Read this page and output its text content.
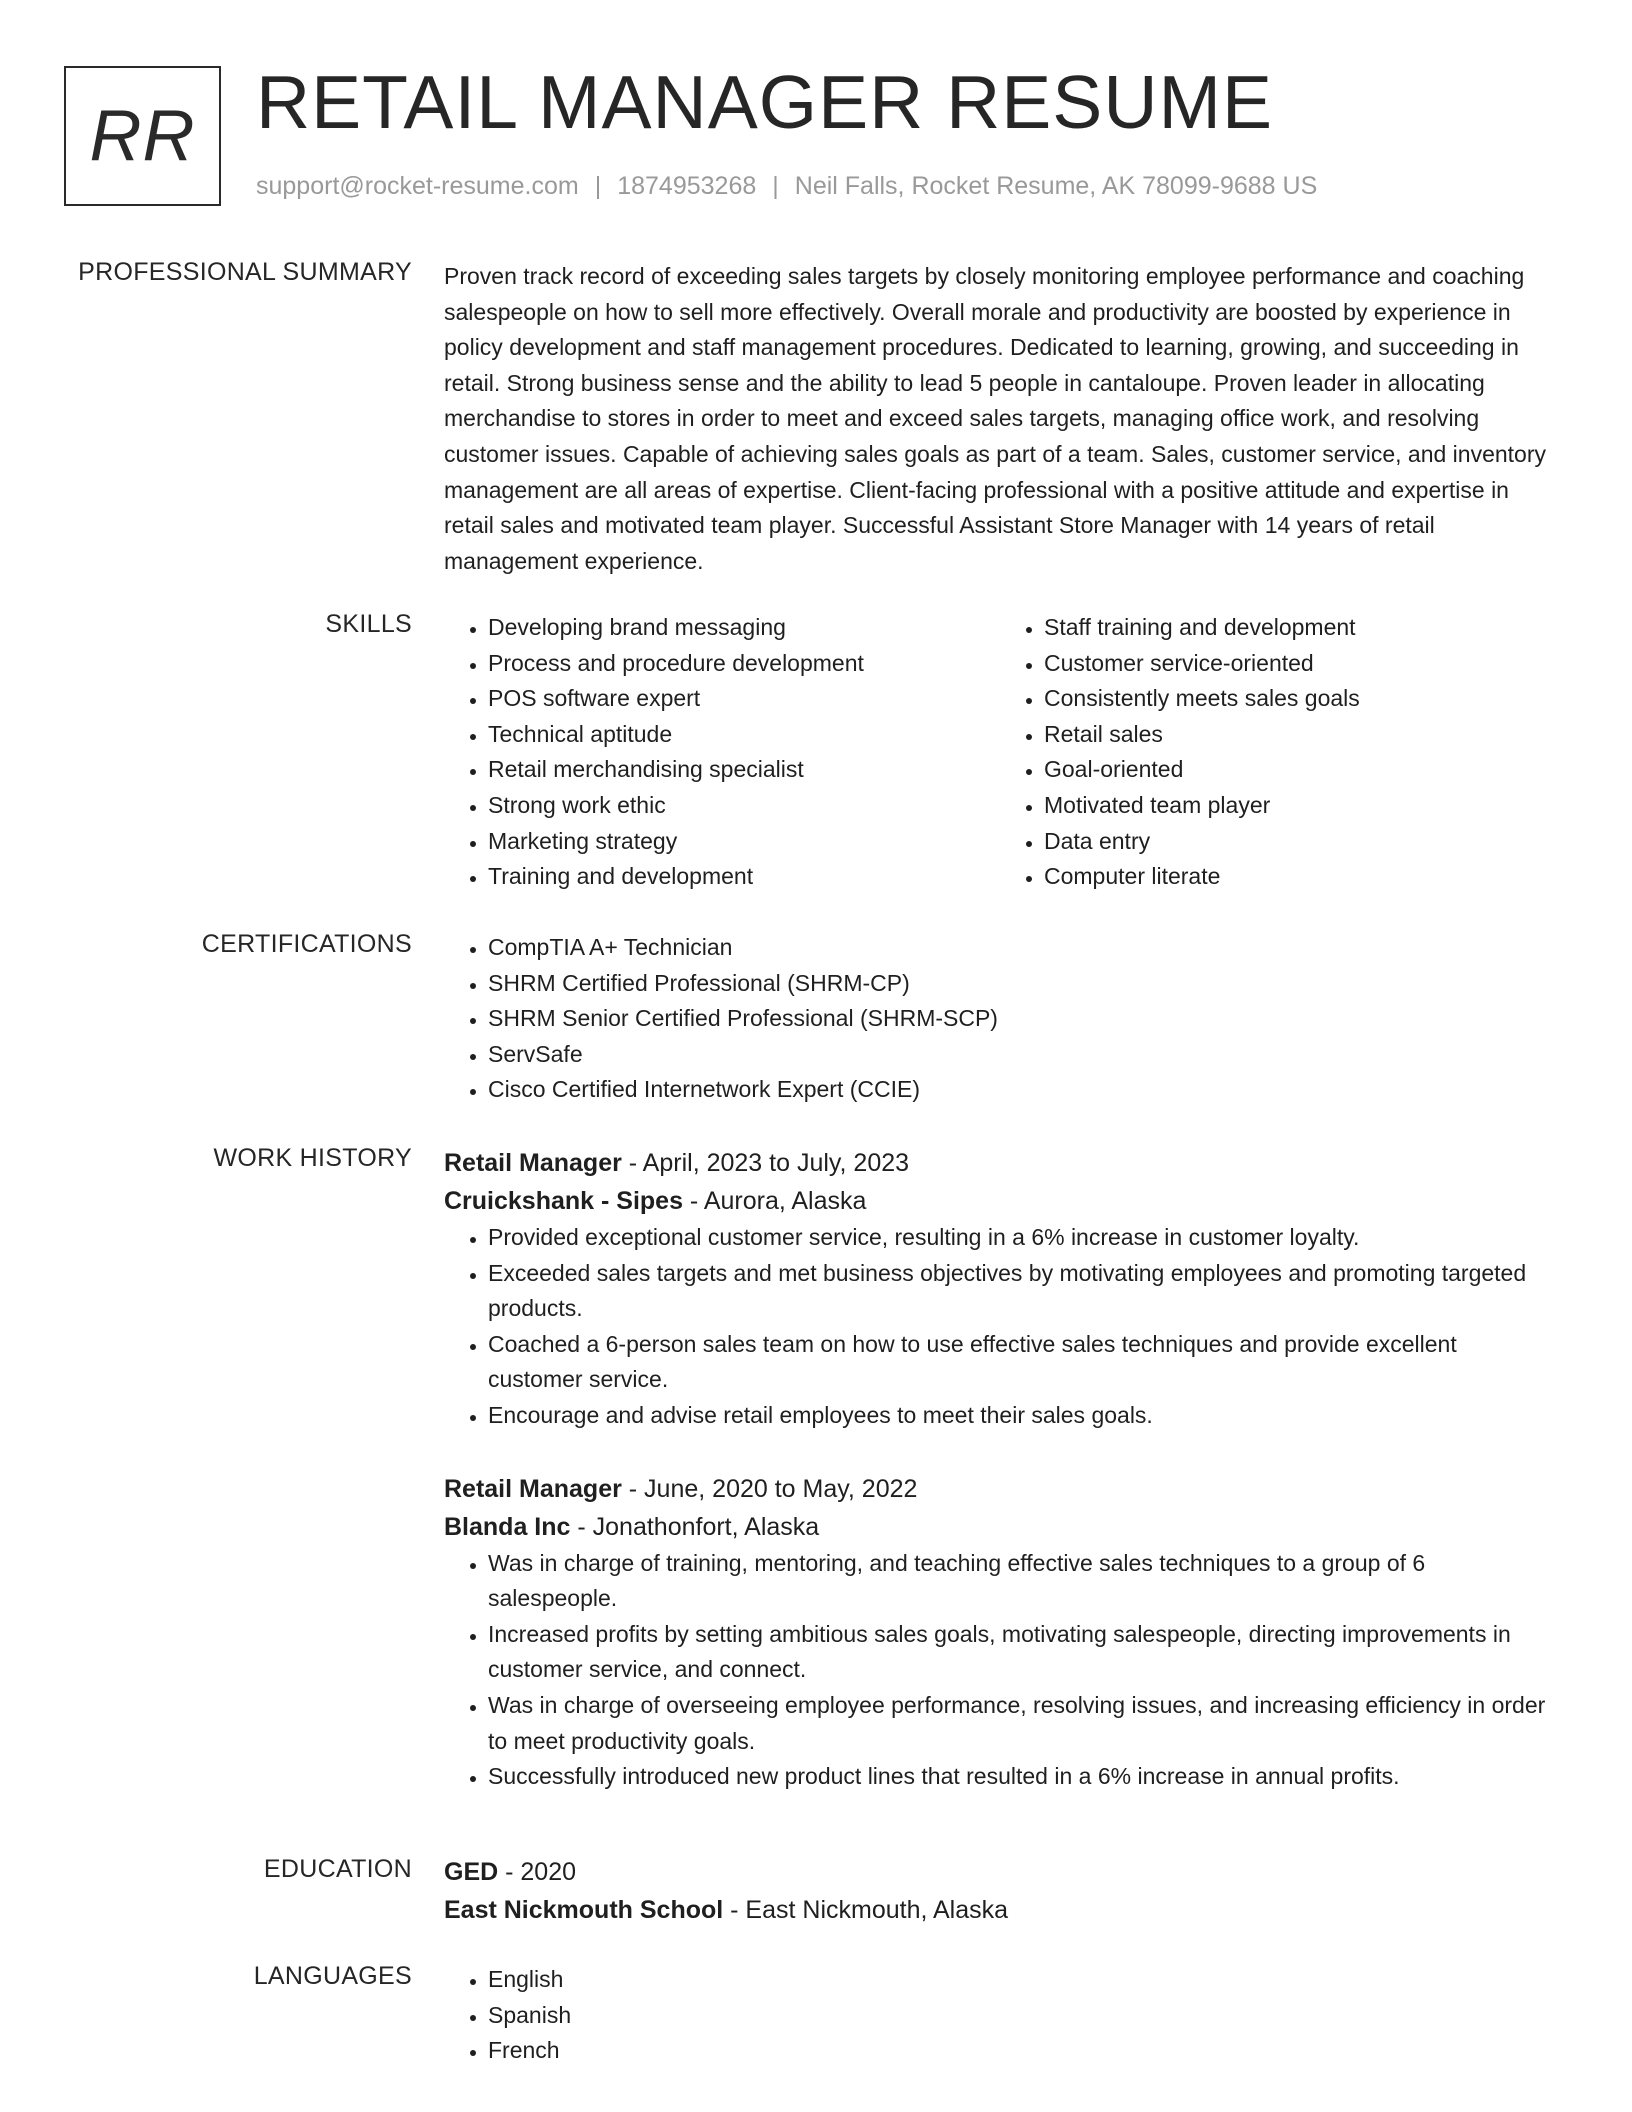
RR RETAIL MANAGER RESUME
support@rocket-resume.com | 1874953268 | Neil Falls, Rocket Resume, AK 78099-9688 US
PROFESSIONAL SUMMARY Proven track record of exceeding sales targets by closely monitoring employee performance and coaching salespeople on how to sell more effectively. Overall morale and productivity are boosted by experience in policy development and staff management procedures. Dedicated to learning, growing, and succeeding in retail. Strong business sense and the ability to lead 5 people in cantaloupe. Proven leader in allocating merchandise to stores in order to meet and exceed sales targets, managing office work, and resolving customer issues. Capable of achieving sales goals as part of a team. Sales, customer service, and inventory management are all areas of expertise. Client-facing professional with a positive attitude and expertise in retail sales and motivated team player. Successful Assistant Store Manager with 14 years of retail management experience.

SKILLS	• Developing brand messaging
• Process and procedure development
• POS software expert
• Technical aptitude
• Retail merchandising specialist
• Strong work ethic
• Marketing strategy
• Training and development
• Staff training and development
• Customer service-oriented
• Consistently meets sales goals
• Retail sales
• Goal-oriented
• Motivated team player
• Data entry
• Computer literate
CERTIFICATIONS	• CompTIA A+ Technician
• SHRM Certified Professional (SHRM-CP)
• SHRM Senior Certified Professional (SHRM-SCP)
• ServSafe
• Cisco Certified Internetwork Expert (CCIE)
WORK HISTORY Retail Manager - April, 2023 to July, 2023
Cruickshank - Sipes - Aurora, Alaska
• Provided exceptional customer service, resulting in a 6% increase in customer loyalty.
• Exceeded sales targets and met business objectives by motivating employees and promoting targeted products.
• Coached a 6-person sales team on how to use effective sales techniques and provide excellent customer service.
• Encourage and advise retail employees to meet their sales goals.
Retail Manager - June, 2020 to May, 2022
Blanda Inc - Jonathonfort, Alaska
• Was in charge of training, mentoring, and teaching effective sales techniques to a group of 6 salespeople.
• Increased profits by setting ambitious sales goals, motivating salespeople, directing improvements in customer service, and connect.
• Was in charge of overseeing employee performance, resolving issues, and increasing efficiency in order to meet productivity goals.
• Successfully introduced new product lines that resulted in a 6% increase in annual profits.
EDUCATION GED - 2020
East Nickmouth School - East Nickmouth, Alaska
LANGUAGES	• English
• Spanish
• French
